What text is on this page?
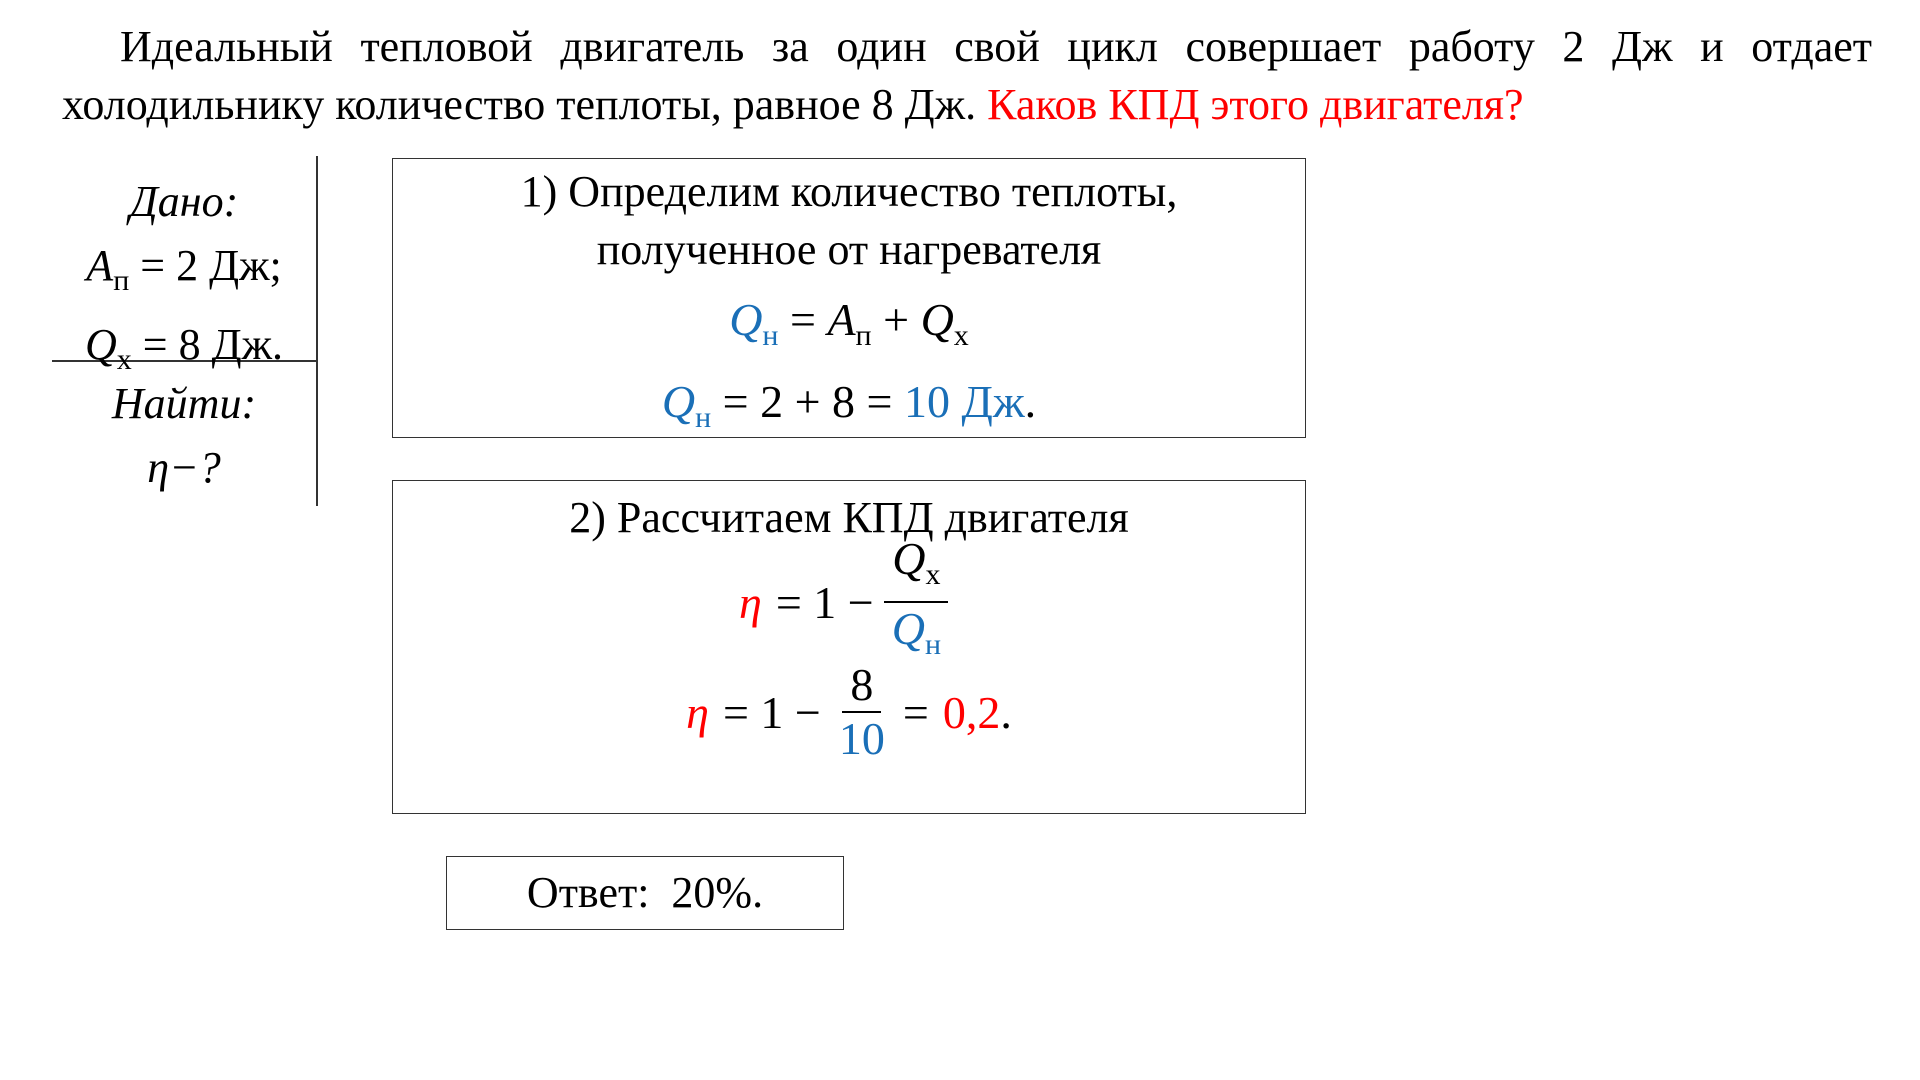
Идеальный тепловой двигатель за один свой цикл совершает работу 2 Дж и отдает
холодильнику количество теплоты, равное 8 Дж. Каков КПД этого двигателя?
Дано:
$A_п = 2$ Дж;
$Q_х = 8$ Дж.
Найти:
η−?
1) Определим количество теплоты,
полученное от нагревателя
$Q_н = A_п + Q_х$
$Q_н = 2 + 8 = 10$ Дж.
2) Рассчитаем КПД двигателя
$\eta = 1 - \frac{Q_х}{Q_н}$
$\eta = 1 - \frac{8}{10} = 0,2$ .
Ответ:  20%.
